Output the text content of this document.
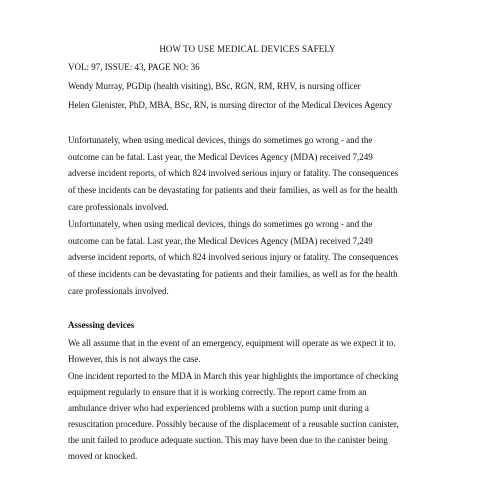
HOW TO USE MEDICAL DEVICES SAFELY
VOL: 97, ISSUE: 43, PAGE NO: 36
Wendy Murray, PGDip (health visiting), BSc, RGN, RM, RHV, is nursing officer
Helen Glenister, PhD, MBA, BSc, RN, is nursing director of the Medical Devices Agency
Unfortunately, when using medical devices, things do sometimes go wrong - and the
outcome can be fatal. Last year, the Medical Devices Agency (MDA) received 7,249
adverse incident reports, of which 824 involved serious injury or fatality. The consequences
of these incidents can be devastating for patients and their families, as well as for the health
care professionals involved.
Unfortunately, when using medical devices, things do sometimes go wrong - and the
outcome can be fatal. Last year, the Medical Devices Agency (MDA) received 7,249
adverse incident reports, of which 824 involved serious injury or fatality. The consequences
of these incidents can be devastating for patients and their families, as well as for the health
care professionals involved.
Assessing devices
We all assume that in the event of an emergency, equipment will operate as we expect it to.
However, this is not always the case.
One incident reported to the MDA in March this year highlights the importance of checking
equipment regularly to ensure that it is working correctly. The report came from an
ambulance driver who had experienced problems with a suction pump unit during a
resuscitation procedure. Possibly because of the displacement of a reusable suction canister,
the unit failed to produce adequate suction. This may have been due to the canister being
moved or knocked.
